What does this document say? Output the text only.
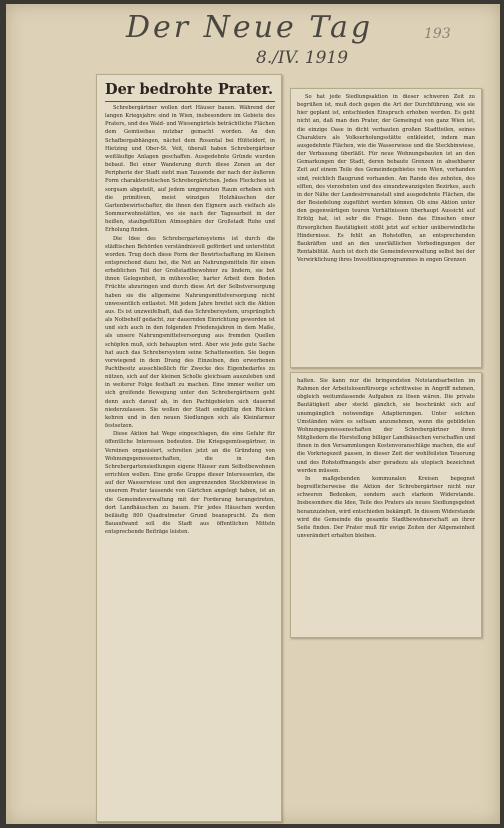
Der Neue Tag
8./IV. 1919
193
Der bedrohte Prater.

Schrebergärtner wollen dort Häuser bauen. Während der langen Kriegsjahre sind in Wien, insbesondere im Gebiete des Praters, und des Wald- und Wiesengürtels beträchtliche Flächen dem Gemüsebau nutzbar gemacht worden. An den Schafbergabhängen, nächst dem Rosental bei Hütteldorf, in Hietzing und Ober-St. Veit, überall haben Schrebergärtner weitläufige Anlagen geschaffen. Ausgedehnte Gründe wurden bebaut. Bei einer Wanderung durch diese Zonen an der Peripherie der Stadt sieht man Tausende der nach der äußeren Form charakteristischen Schrebergärtchen. Jedes Fleckchen ist sorgsam abgeteilt, auf jedem umgrenzten Raum erheben sich die primitiven, meist winzigen Holzhäuschen der Gartenbewirtschafter, die ihnen den Eignern auch vielfach als Sommerwohnstätten, wo sie nach der Tagesarbeit in der heißen, staubgefüllten Atmosphäre der Großstadt Ruhe und Erholung finden.

Die Idee des Schrebergartensystems ist durch die städtischen Behörden verständnisvoll gefördert und unterstützt worden. Trug doch diese Form der Bewirtschaftung im Kleinen entsprechend dazu bei, die Not an Nahrungsmitteln für einen erheblichen Teil der Großstadtbewohner zu lindern, sie bot ihnen Gelegenheit, in mühevoller, harter Arbeit dem Boden Früchte abzuringen und durch diese Art der Selbstversorgung haben sie die allgemeine Nahrungsmittelversorgung nicht unwesentlich entlastet. Mit jedem Jahre breitet sich die Aktion aus. Es ist unzweifelhaft, daß das Schrebersystem, ursprünglich als Notbehelf gedacht, zur dauernden Einrichtung geworden ist und sich auch in den folgenden Friedensjahren in dem Maße, als unsere Nahrungsmittelversorgung aus fremden Quellen schöpfen muß, sich behaupten wird. Aber wie jede gute Sache hat auch das Schrebersystem seine Schattenseiten. Sie liegen vorwiegend in dem Drang des Einzelnen, den erworbenen Pachtbesitz ausschließlich für Zwecke des Eigenbedarfes zu nützen, sich auf der kleinen Scholle gleichsam auszuleben und in weiterer Folge festhaft zu machen. Eine immer weiter um sich greifende Bewegung unter den Schrebergärtnern geht denn auch darauf ab, in den Pachtgebieten sich dauernd niederzulassen. Sie wollen der Stadt endgültig den Rücken kehren und in den neuen Siedlungen sich als Kleinfarmer festsetzen.

Diese Aktion hat Wege eingeschlagen, die eine Gefahr für öffentliche Interessen bedeuten. Die Kriegsgemüsegärtner, in Vereinen organisiert, schreiten jetzt an die Gründung von Wohnungsgenossenschaften, die in den Schrebergartensiedlungen eigene Häuser zum Selbstbewohnen errichten wollen. Eine große Gruppe dieser Interessenten, die auf der Wasserwiese und den angrenzenden Steckbinwiese in unserem Prater tausende von Gärtchen angelegt haben, ist an die Gemeindeverwaltung mit der Forderung herangetreten, dort Landhäuschen zu bauen. Für jedes Häuschen werden beiläufig 800 Quadratmeter Grund beansprucht. Zu dem Bauaufwand soll die Stadt aus öffentlichen Mitteln entsprechende Beiträge leisten.

So hat jede Siedlungsaktion in dieser schweren Zeit zu begrüßen ist, muß doch gegen die Art der Durchführung, wie sie hier geplant ist, entschieden Einspruch erhoben werden. Es geht nicht an, daß man den Prater, der Gemeingut von ganz Wien ist, die einzige Oase in dicht verbauten großen Stadtteilen, seines Charakters als Volkserholungsstätte entkleidet, indem man ausgedehnte Flächen, wie die Wasserwiese und die Steckbinwiese, der Verbauung überläßt. Für neue Wohnungsbauten ist an den Gemarkungen der Stadt, deren bebaute Grenzen in absehbarer Zeit auf einem Teile des Gemeindegebietes von Wien, vorhanden sind, reichlich Baugrund vorhanden. Am Rande des zehnten, des elften, des vierzehnten und des einundzwanzigsten Bezirkes, auch in der Nähe der Landesirrenanstalt sind ausgedehnte Flächen, die der Besiedelung zugeführt werden können. Ob eine Aktion unter den gegenwärtigen teuren Verhältnissen überhaupt Aussicht auf Erfolg hat, ist sehr die Frage. Denn das Einsehen einer fürsorglichen Bautätigkeit stößt jetzt auf schier unüberwindliche Hindernisse. Es fehlt an Rohstoffen, an entsprechenden Baukräften und an den unerläßlichen Vorbedingungen der Rentabilität. Auch ist doch die Gemeindeverwaltung selbst bei der Verwirklichung ihres Investitionsprogrammes in engen Grenzen

halten. Sie kann nur die bringendsten Notstandsarbeiten im Rahmen der Arbeitslosenfürsorge schrittweise in Angriff nehmen, obgleich weitumfassende Aufgaben zu lösen wären. Die private Bautätigkeit aber steckt gänzlich, sie beschränkt sich auf unumgänglich notwendige Adaptierungen. Unter solchen Umständen wäre es seltsam anzunehmen, wenn die gebildeten Wohnungsgenossenschaften der Schrebergärtner ihren Mitgliedern die Herstellung billiger Landhäuschen verschaffen und ihnen in den Versammlungen Kostenvoranschläge machen, die auf die Vorkriegszeit passen, in dieser Zeit der wohlfeilsten Teuerung und des Rohstoffmangels aber geradezu als utopisch bezeichnet werden müssen.

In maßgebenden kommunalen Kreisen begegnet begreiflicherweise die Aktion der Schrebergärtner nicht nur schweren Bedenken, sondern auch starkem Widerstande. Insbesondere die Idee, Teile des Praters als neues Siedlungsgebiet heranzuziehen, wird entschieden bekämpft. In diesem Widerstande wird die Gemeinde die gesamte Stadtbewohnerschaft an ihrer Seite finden. Der Prater muß für ewige Zeiten der Allgemeinheit unverändert erhalten bleiben.
